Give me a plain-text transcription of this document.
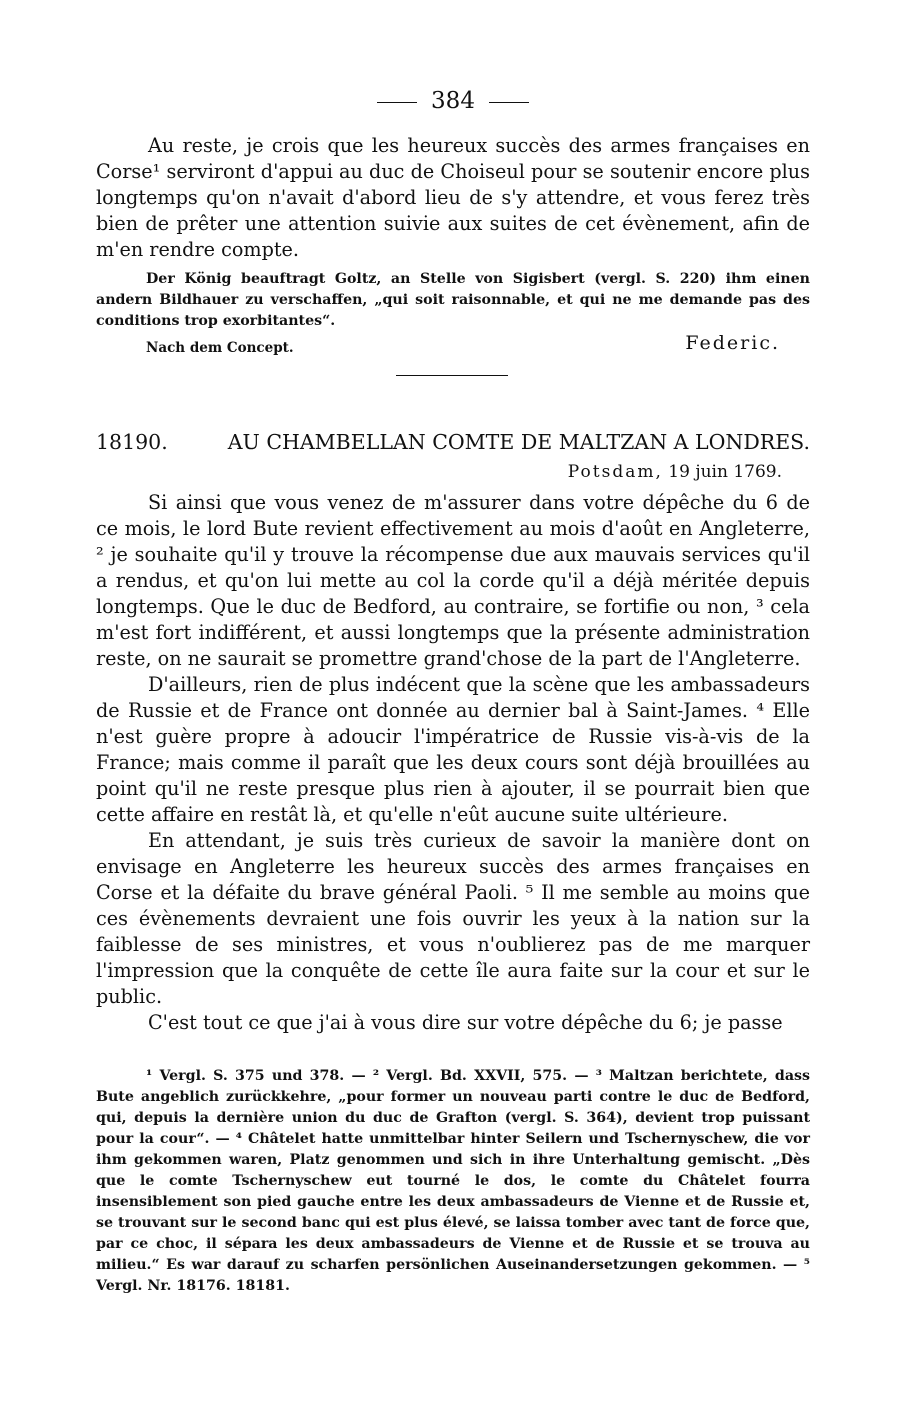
384

Au reste, je crois que les heureux succès des armes françaises en Corse¹ serviront d'appui au duc de Choiseul pour se soutenir encore plus longtemps qu'on n'avait d'abord lieu de s'y attendre, et vous ferez très bien de prêter une attention suivie aux suites de cet évènement, afin de m'en rendre compte.

Der König beauftragt Goltz, an Stelle von Sigisbert (vergl. S. 220) ihm einen andern Bildhauer zu verschaffen, „qui soit raisonnable, et qui ne me demande pas des conditions trop exorbitantes“.

Nach dem Concept.	Federic.
18190.	AU CHAMBELLAN COMTE DE MALTZAN A LONDRES.
Potsdam, 19 juin 1769.

Si ainsi que vous venez de m'assurer dans votre dépêche du 6 de ce mois, le lord Bute revient effectivement au mois d'août en Angleterre, ² je souhaite qu'il y trouve la récompense due aux mauvais services qu'il a rendus, et qu'on lui mette au col la corde qu'il a déjà méritée depuis longtemps. Que le duc de Bedford, au contraire, se fortifie ou non, ³ cela m'est fort indifférent, et aussi longtemps que la présente administration reste, on ne saurait se promettre grand'chose de la part de l'Angleterre.

D'ailleurs, rien de plus indécent que la scène que les ambassadeurs de Russie et de France ont donnée au dernier bal à Saint-James. ⁴ Elle n'est guère propre à adoucir l'impératrice de Russie vis-à-vis de la France; mais comme il paraît que les deux cours sont déjà brouillées au point qu'il ne reste presque plus rien à ajouter, il se pourrait bien que cette affaire en restât là, et qu'elle n'eût aucune suite ultérieure.

En attendant, je suis très curieux de savoir la manière dont on envisage en Angleterre les heureux succès des armes françaises en Corse et la défaite du brave général Paoli. ⁵ Il me semble au moins que ces évènements devraient une fois ouvrir les yeux à la nation sur la faiblesse de ses ministres, et vous n'oublierez pas de me marquer l'impression que la conquête de cette île aura faite sur la cour et sur le public.

C'est tout ce que j'ai à vous dire sur votre dépêche du 6; je passe

¹ Vergl. S. 375 und 378. — ² Vergl. Bd. XXVII, 575. — ³ Maltzan berichtete, dass Bute angeblich zurückkehre, „pour former un nouveau parti contre le duc de Bedford, qui, depuis la dernière union du duc de Grafton (vergl. S. 364), devient trop puissant pour la cour“. — ⁴ Châtelet hatte unmittelbar hinter Seilern und Tschernyschew, die vor ihm gekommen waren, Platz genommen und sich in ihre Unterhaltung gemischt. „Dès que le comte Tschernyschew eut tourné le dos, le comte du Châtelet fourra insensiblement son pied gauche entre les deux ambassadeurs de Vienne et de Russie et, se trouvant sur le second banc qui est plus élevé, se laissa tomber avec tant de force que, par ce choc, il sépara les deux ambassadeurs de Vienne et de Russie et se trouva au milieu.“ Es war darauf zu scharfen persönlichen Auseinandersetzungen gekommen. — ⁵ Vergl. Nr. 18176. 18181.
